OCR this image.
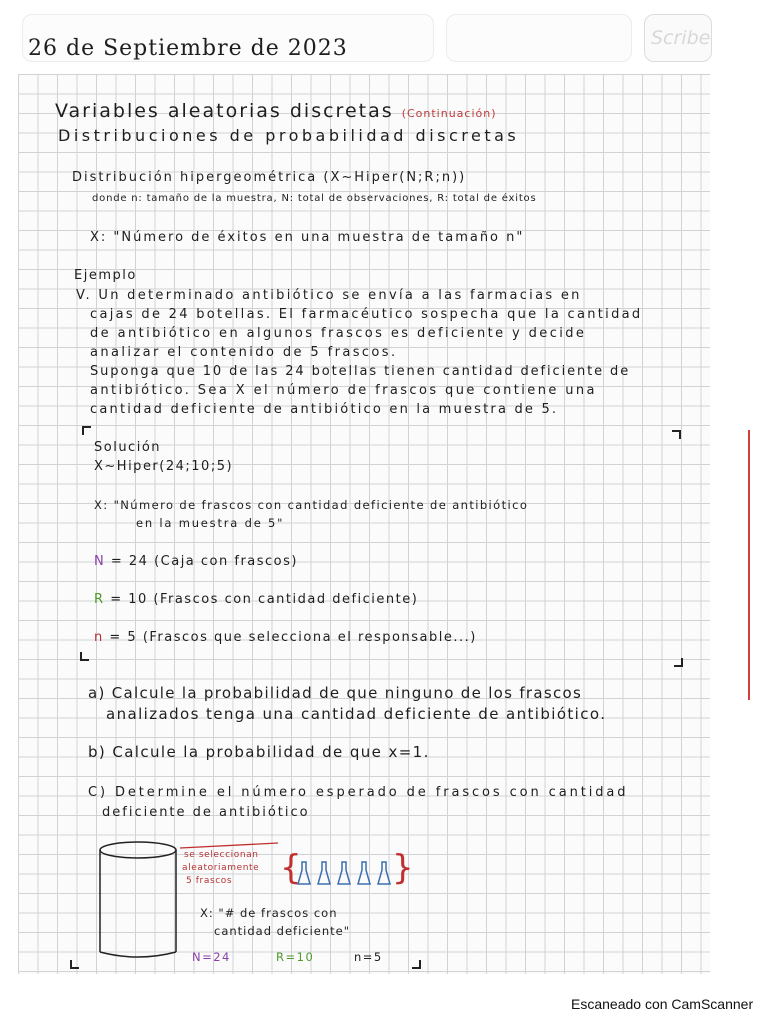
Scribe
26 de Septiembre de 2023
Variables aleatorias discretas (Continuación)
Distribuciones de probabilidad discretas
Distribución hipergeométrica (X~Hiper(N;R;n))
donde n: tamaño de la muestra, N: total de observaciones, R: total de éxitos
X: "Número de éxitos en una muestra de tamaño n"
Ejemplo
V. Un determinado antibiótico se envía a las farmacias en
cajas de 24 botellas. El farmacéutico sospecha que la cantidad
de antibiótico en algunos frascos es deficiente y decide
analizar el contenido de 5 frascos.
Suponga que 10 de las 24 botellas tienen cantidad deficiente de
antibiótico. Sea X el número de frascos que contiene una
cantidad deficiente de antibiótico en la muestra de 5.
Solución
X~Hiper(24;10;5)
X: "Número de frascos con cantidad deficiente de antibiótico
en la muestra de 5"
N = 24 (Caja con frascos)
R = 10 (Frascos con cantidad deficiente)
n = 5 (Frascos que selecciona el responsable...)
a) Calcule la probabilidad de que ninguno de los frascos
analizados tenga una cantidad deficiente de antibiótico.
b) Calcule la probabilidad de que x=1.
C) Determine el número esperado de frascos con cantidad
deficiente de antibiótico
se seleccionan
aleatoriamente
5 frascos {	}
X: "# de frascos con
cantidad deficiente"
N=24	R=10	n=5
Escaneado con CamScanner
